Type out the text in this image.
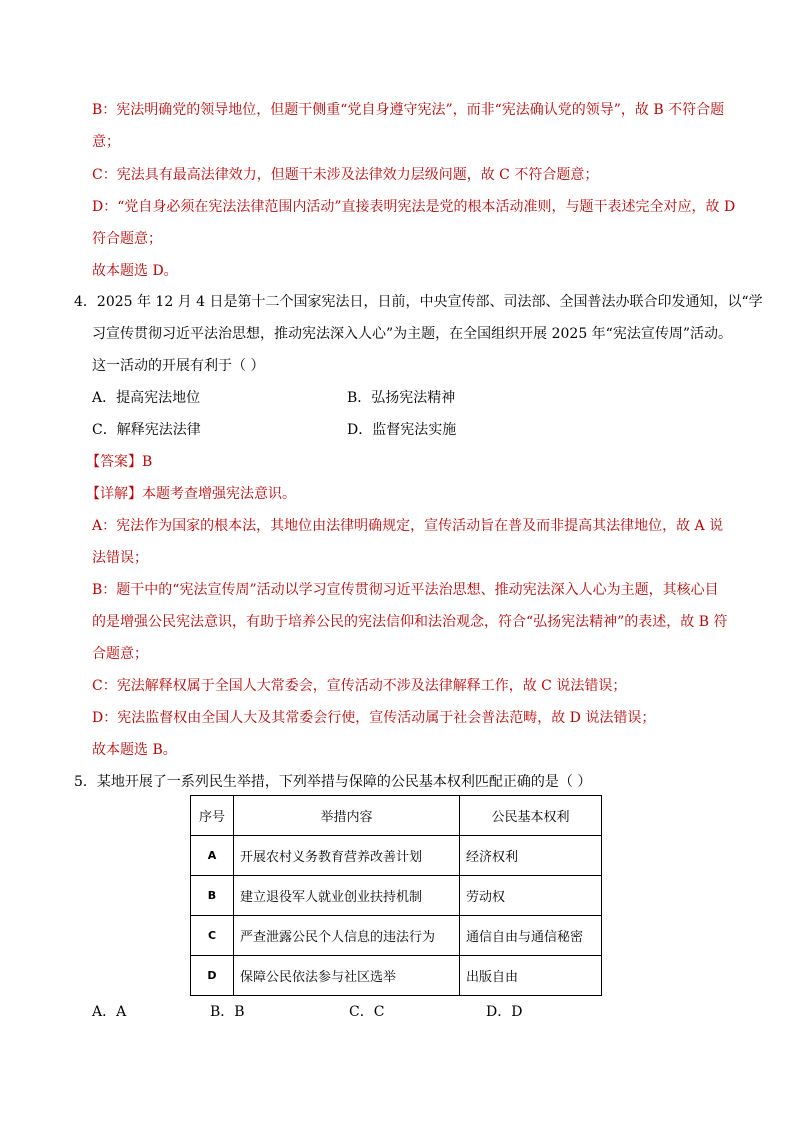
B：宪法明确党的领导地位，但题干侧重“党自身遵守宪法”，而非“宪法确认党的领导”，故 B 不符合题
意；
C：宪法具有最高法律效力，但题干未涉及法律效力层级问题，故 C 不符合题意；
D：“党自身必须在宪法法律范围内活动”直接表明宪法是党的根本活动准则，与题干表述完全对应，故 D
符合题意；
故本题选 D。
4．2025 年 12 月 4 日是第十二个国家宪法日，日前，中央宣传部、司法部、全国普法办联合印发通知，以“学
习宣传贯彻习近平法治思想，推动宪法深入人心”为主题，在全国组织开展 2025 年“宪法宣传周”活动。
这一活动的开展有利于（ ）
A．提高宪法地位	B．弘扬宪法精神
C．解释宪法法律	D．监督宪法实施
【答案】B
【详解】本题考查增强宪法意识。
A：宪法作为国家的根本法，其地位由法律明确规定，宣传活动旨在普及而非提高其法律地位，故 A 说
法错误；
B：题干中的“宪法宣传周”活动以学习宣传贯彻习近平法治思想、推动宪法深入人心为主题，其核心目
的是增强公民宪法意识，有助于培养公民的宪法信仰和法治观念，符合“弘扬宪法精神”的表述，故 B 符
合题意；
C：宪法解释权属于全国人大常委会，宣传活动不涉及法律解释工作，故 C 说法错误；
D：宪法监督权由全国人大及其常委会行使，宣传活动属于社会普法范畴，故 D 说法错误；
故本题选 B。
5．某地开展了一系列民生举措，下列举措与保障的公民基本权利匹配正确的是（ ）
序号	举措内容	公民基本权利
A	开展农村义务教育营养改善计划	经济权利
B	建立退役军人就业创业扶持机制	劳动权
C	严查泄露公民个人信息的违法行为	通信自由与通信秘密
D	保障公民依法参与社区选举	出版自由
A．A	B．B	C．C	D．D
